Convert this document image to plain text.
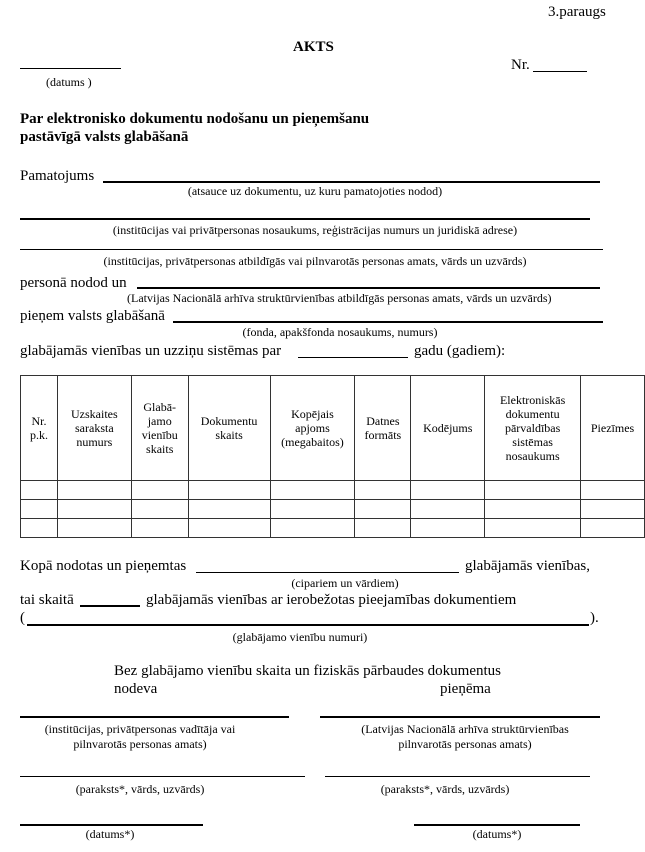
3.paraugs
AKTS
(datums )
Nr.
Par elektronisko dokumentu nodošanu un pieņemšanu
pastāvīgā valsts glabāšanā
Pamatojums
(atsauce uz dokumentu, uz kuru pamatojoties nodod)
(institūcijas vai privātpersonas nosaukums, reģistrācijas numurs un juridiskā adrese)
(institūcijas, privātpersonas atbildīgās vai pilnvarotās personas amats, vārds un uzvārds)
personā nodod un
(Latvijas Nacionālā arhīva struktūrvienības atbildīgās personas amats, vārds un uzvārds)
pieņem valsts glabāšanā
(fonda, apakšfonda nosaukums, numurs)
glabājamās vienības un uzziņu sistēmas par	gadu (gadiem):
Nr.
p.k.	Uzskaites
saraksta
numurs	Glabā-
jamo
vienību
skaits	Dokumentu
skaits	Kopējais
apjoms
(megabaitos)	Datnes
formāts	Kodējums	Elektroniskās
dokumentu
pārvaldības
sistēmas
nosaukums	Piezīmes

Kopā nodotas un pieņemtas	glabājamās vienības,
(cipariem un vārdiem)
tai skaitā	glabājamās vienības ar ierobežotas pieejamības dokumentiem
(	).
(glabājamo vienību numuri)
Bez glabājamo vienību skaita un fiziskās pārbaudes dokumentus
nodeva	pieņēma
(institūcijas, privātpersonas vadītāja vai
pilnvarotās personas amats)
(Latvijas Nacionālā arhīva struktūrvienības
pilnvarotās personas amats)
(paraksts*, vārds, uzvārds)	(paraksts*, vārds, uzvārds)
(datums*)	(datums*)
